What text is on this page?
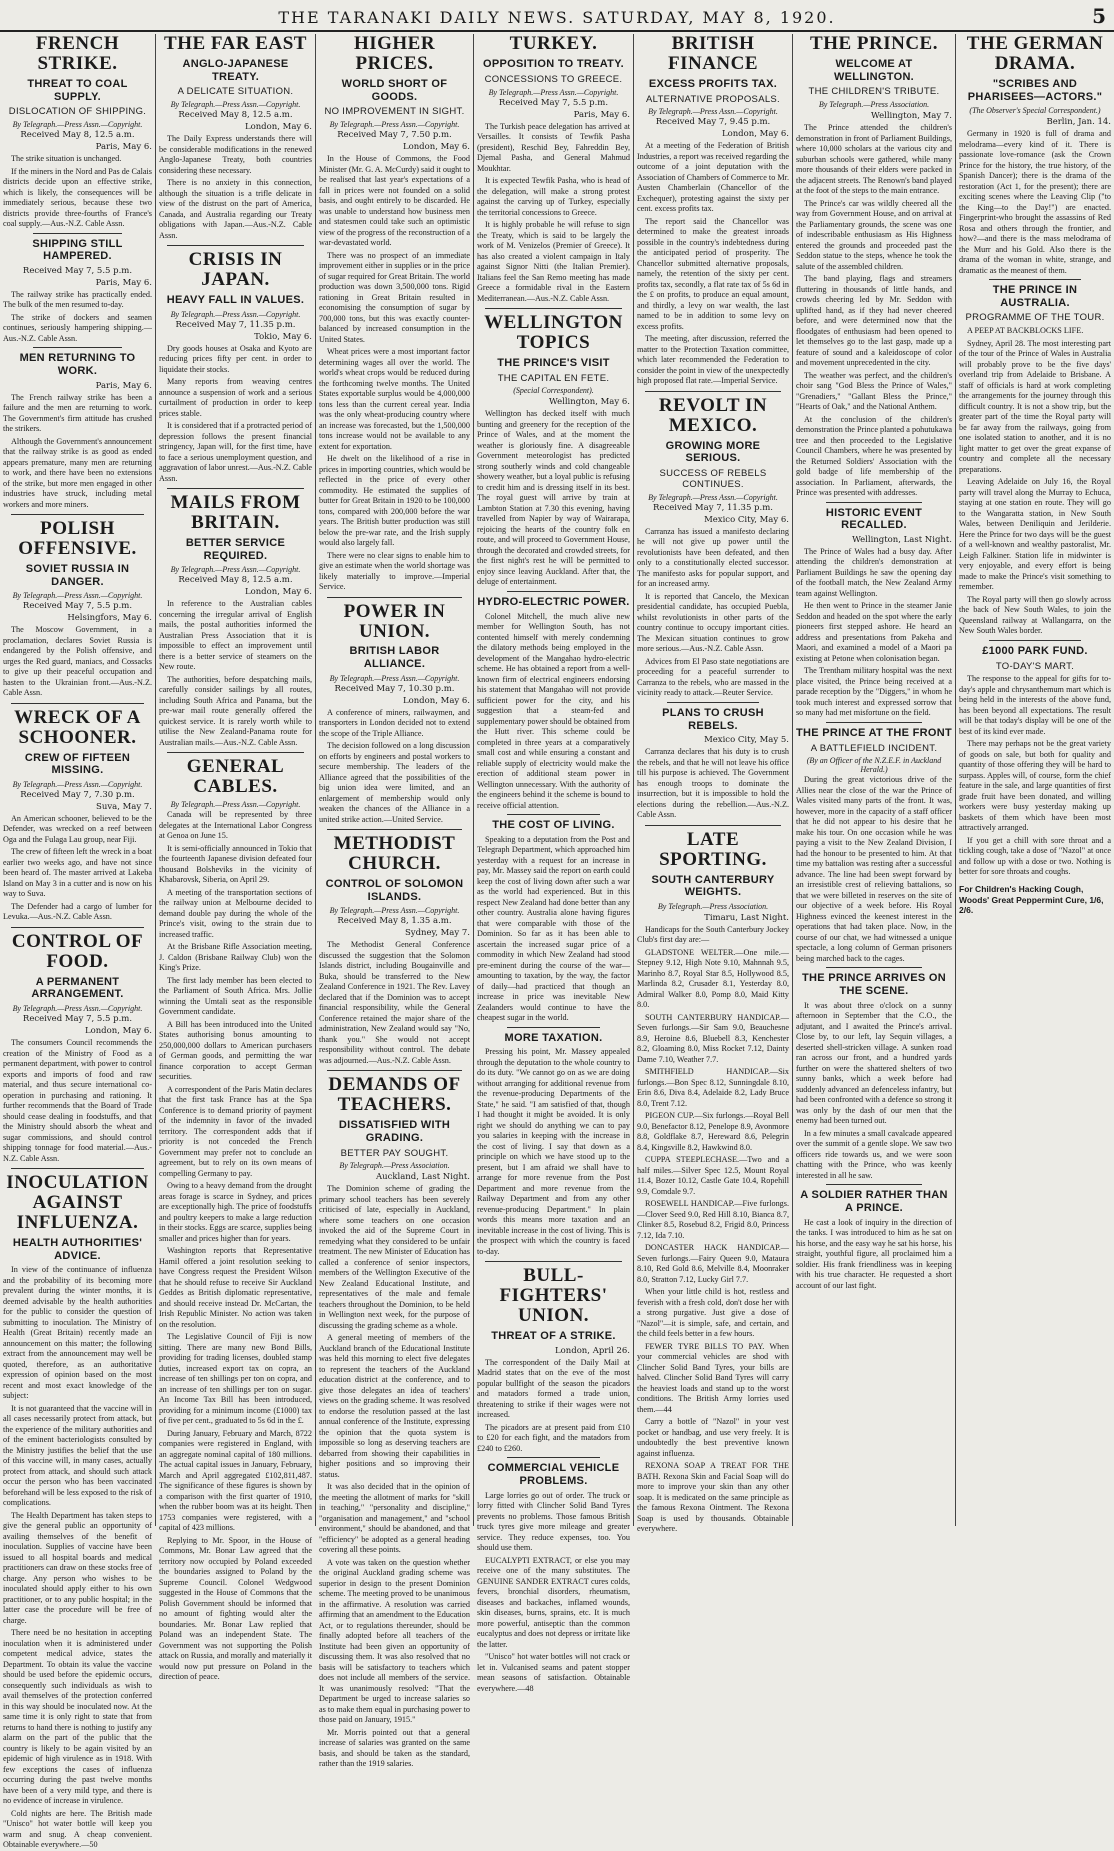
THE TARANAKI DAILY NEWS. SATURDAY, MAY 8, 1920.	5
FRENCH STRIKE.
THREAT TO COAL SUPPLY.
DISLOCATION OF SHIPPING.
By Telegraph.—Press Assn.—Copyright.
Received May 8, 12.5 a.m.
Paris, May 6.

The strike situation is unchanged.

If the miners in the Nord and Pas de Calais districts decide upon an effective strike, which is likely, the consequences will be immediately serious, because these two districts provide three-fourths of France's coal supply.—Aus.-N.Z. Cable Assn.

SHIPPING STILL HAMPERED.
Received May 7, 5.5 p.m.
Paris, May 6.

The railway strike has practically ended. The bulk of the men resumed to-day.

The strike of dockers and seamen continues, seriously hampering shipping.—Aus.-N.Z. Cable Assn.

MEN RETURNING TO WORK.
Paris, May 6.

The French railway strike has been a failure and the men are returning to work. The Government's firm attitude has crushed the strikers.

Although the Government's announcement that the railway strike is as good as ended appears premature, many men are returning to work, and there have been no extensions of the strike, but more men engaged in other industries have struck, including metal workers and more miners.

POLISH OFFENSIVE.
SOVIET RUSSIA IN DANGER.
By Telegraph.—Press Assn.—Copyright.
Received May 7, 5.5 p.m.
Helsingfors, May 6.

The Moscow Government, in a proclamation, declares Soviet Russia is endangered by the Polish offensive, and urges the Red guard, maniacs, and Cossacks to give up their peaceful occupation and hasten to the Ukrainian front.—Aus.-N.Z. Cable Assn.

WRECK OF A SCHOONER.
CREW OF FIFTEEN MISSING.
By Telegraph.—Press Assn.—Copyright.
Received May 7, 7.30 p.m.
Suva, May 7.

An American schooner, believed to be the Defender, was wrecked on a reef between Oga and the Fulaga Lau group, near Fiji.

The crew of fifteen left the wreck in a boat earlier two weeks ago, and have not since been heard of. The master arrived at Lakeba Island on May 3 in a cutter and is now on his way to Suva.

The Defender had a cargo of lumber for Levuka.—Aus.-N.Z. Cable Assn.

CONTROL OF FOOD.
A PERMANENT ARRANGEMENT.
By Telegraph.—Press Assn.—Copyright.
Received May 7, 5.5 p.m.
London, May 6.

The consumers Council recommends the creation of the Ministry of Food as a permanent department, with power to control exports and imports of food and raw material, and thus secure international co-operation in purchasing and rationing. It further recommends that the Board of Trade should cease dealing in foodstuffs, and that the Ministry should absorb the wheat and sugar commissions, and should control shipping tonnage for food material.—Aus.-N.Z. Cable Assn.

INOCULATION AGAINST INFLUENZA.
HEALTH AUTHORITIES' ADVICE.

In view of the continuance of influenza and the probability of its becoming more prevalent during the winter months, it is deemed advisable by the health authorities for the public to consider the question of submitting to inoculation. The Ministry of Health (Great Britain) recently made an announcement on this matter; the following extract from the announcement may well be quoted, therefore, as an authoritative expression of opinion based on the most recent and most exact knowledge of the subject:

It is not guaranteed that the vaccine will in all cases necessarily protect from attack, but the experience of the military authorities and of the eminent bacteriologists consulted by the Ministry justifies the belief that the use of this vaccine will, in many cases, actually protect from attack, and should such attack occur the person who has been vaccinated beforehand will be less exposed to the risk of complications.

The Health Department has taken steps to give the general public an opportunity of availing themselves of the benefit of inoculation. Supplies of vaccine have been issued to all hospital boards and medical practitioners can draw on these stocks free of charge. Any person who wishes to be inoculated should apply either to his own practitioner, or to any public hospital; in the latter case the procedure will be free of charge.

There need be no hesitation in accepting inoculation when it is administered under competent medical advice, states the Department. To obtain its value the vaccine should be used before the epidemic occurs, consequently such individuals as wish to avail themselves of the protection conferred in this way should be inoculated now. At the same time it is only right to state that from returns to hand there is nothing to justify any alarm on the part of the public that the country is likely to be again visited by an epidemic of high virulence as in 1918. With few exceptions the cases of influenza occurring during the past twelve months have been of a very mild type, and there is no evidence of increase in virulence.

Cold nights are here. The British made "Unisco" hot water bottle will keep you warm and snug. A cheap convenient. Obtainable everywhere.—50

THE FAR EAST
ANGLO-JAPANESE TREATY.
A DELICATE SITUATION.
By Telegraph.—Press Assn.—Copyright.
Received May 8, 12.5 a.m.
London, May 6.

The Daily Express understands there will be considerable modifications in the renewed Anglo-Japanese Treaty, both countries considering these necessary.

There is no anxiety in this connection, although the situation is a trifle delicate in view of the distrust on the part of America, Canada, and Australia regarding our Treaty obligations with Japan.—Aus.-N.Z. Cable Assn.

CRISIS IN JAPAN.
HEAVY FALL IN VALUES.
By Telegraph.—Press Assn.—Copyright.
Received May 7, 11.35 p.m.
Tokio, May 6.

Dry goods houses at Osaka and Kyoto are reducing prices fifty per cent. in order to liquidate their stocks.

Many reports from weaving centres announce a suspension of work and a serious curtailment of production in order to keep prices stable.

It is considered that if a protracted period of depression follows the present financial stringency, Japan will, for the first time, have to face a serious unemployment question, and aggravation of labor unrest.—Aus.-N.Z. Cable Assn.

MAILS FROM BRITAIN.
BETTER SERVICE REQUIRED.
By Telegraph.—Press Assn.—Copyright.
Received May 8, 12.5 a.m.
London, May 6.

In reference to the Australian cables concerning the irregular arrival of English mails, the postal authorities informed the Australian Press Association that it is impossible to effect an improvement until there is a better service of steamers on the New route.

The authorities, before despatching mails, carefully consider sailings by all routes, including South Africa and Panama, but the pre-war mail route generally offered the quickest service. It is rarely worth while to utilise the New Zealand-Panama route for Australian mails.—Aus.-N.Z. Cable Assn.

GENERAL CABLES.
By Telegraph.—Press Assn.—Copyright.

Canada will be represented by three delegates at the International Labor Congress at Genoa on June 15.

It is semi-officially announced in Tokio that the fourteenth Japanese division defeated four thousand Bolsheviks in the vicinity of Khabarovsk, Siberia, on April 29.

A meeting of the transportation sections of the railway union at Melbourne decided to demand double pay during the whole of the Prince's visit, owing to the strain due to increased traffic.

At the Brisbane Rifle Association meeting, J. Caldon (Brisbane Railway Club) won the King's Prize.

The first lady member has been elected to the Parliament of South Africa. Mrs. Jollie winning the Umtali seat as the responsible Government candidate.

A Bill has been introduced into the United States authorising bonus amounting to 250,000,000 dollars to American purchasers of German goods, and permitting the war finance corporation to accept German securities.

A correspondent of the Paris Matin declares that the first task France has at the Spa Conference is to demand priority of payment of the indemnity in favor of the invaded territory. The correspondent adds that if priority is not conceded the French Government may prefer not to conclude an agreement, but to rely on its own means of compelling Germany to pay.

Owing to a heavy demand from the drought areas forage is scarce in Sydney, and prices are exceptionally high. The price of foodstuffs and poultry keepers to make a large reduction in their stocks. Eggs are scarce, supplies being smaller and prices higher than for years.

Washington reports that Representative Hamil offered a joint resolution seeking to have Congress request the President Wilson that he should refuse to receive Sir Auckland Geddes as British diplomatic representative, and should receive instead Dr. McCartan, the Irish Republic Minister. No action was taken on the resolution.

The Legislative Council of Fiji is now sitting. There are many new Bond Bills, providing for trading licenses, doubled stamp duties, increased export tax on copra, an increase of ten shillings per ton on copra, and an increase of ten shillings per ton on sugar. An Income Tax Bill has been introduced, providing for a minimum income (£1000) tax of five per cent., graduated to 5s 6d in the £.

During January, February and March, 8722 companies were registered in England, with an aggregate nominal capital of 180 millions. The actual capital issues in January, February, March and April aggregated £102,811,487. The significance of these figures is shown by a comparison with the first quarter of 1910, when the rubber boom was at its height. Then 1753 companies were registered, with a capital of 423 millions.

Replying to Mr. Spoor, in the House of Commons, Mr. Bonar Law agreed that the territory now occupied by Poland exceeded the boundaries assigned to Poland by the Supreme Council. Colonel Wedgwood suggested in the House of Commons that the Polish Government should be informed that no amount of fighting would alter the boundaries. Mr. Bonar Law replied that Poland was an independent State. The Government was not supporting the Polish attack on Russia, and morally and materially it would now put pressure on Poland in the direction of peace.

HIGHER PRICES.
WORLD SHORT OF GOODS.
NO IMPROVEMENT IN SIGHT.
By Telegraph.—Press Assn.—Copyright.
Received May 7, 7.50 p.m.
London, May 6.

In the House of Commons, the Food Minister (Mr. G. A. McCurdy) said it ought to be realised that last year's expectations of a fall in prices were not founded on a solid basis, and ought entirely to be discarded. He was unable to understand how business men and statesmen could take such an optimistic view of the progress of the reconstruction of a war-devastated world.

There was no prospect of an immediate improvement either in supplies or in the price of sugar required for Great Britain. The world production was down 3,500,000 tons. Rigid rationing in Great Britain resulted in economising the consumption of sugar by 700,000 tons, but this was exactly counter-balanced by increased consumption in the United States.

Wheat prices were a most important factor determining wages all over the world. The world's wheat crops would be reduced during the forthcoming twelve months. The United States exportable surplus would be 4,000,000 tons less than the current cereal year. India was the only wheat-producing country where an increase was forecasted, but the 1,500,000 tons increase would not be available to any extent for exportation.

He dwelt on the likelihood of a rise in prices in importing countries, which would be reflected in the price of every other commodity. He estimated the supplies of butter for Great Britain in 1920 to be 100,000 tons, compared with 200,000 before the war years. The British butter production was still below the pre-war rate, and the Irish supply would also largely fall.

There were no clear signs to enable him to give an estimate when the world shortage was likely materially to improve.—Imperial Service.

POWER IN UNION.
BRITISH LABOR ALLIANCE.
By Telegraph.—Press Assn.—Copyright.
Received May 7, 10.30 p.m.
London, May 6.

A conference of miners, railwaymen, and transporters in London decided not to extend the scope of the Triple Alliance.

The decision followed on a long discussion on efforts by engineers and postal workers to secure membership. The leaders of the Alliance agreed that the possibilities of the big union idea were limited, and an enlargement of membership would only weaken the chances of the Alliance in a united strike action.—United Service.

METHODIST CHURCH.
CONTROL OF SOLOMON ISLANDS.
By Telegraph.—Press Assn.—Copyright.
Received May 8, 1.35 a.m.
Sydney, May 7.

The Methodist General Conference discussed the suggestion that the Solomon Islands district, including Bougainville and Buka, should be transferred to the New Zealand Conference in 1921. The Rev. Lavey declared that if the Dominion was to accept financial responsibility, while the General Conference retained the major share of the administration, New Zealand would say "No, thank you." She would not accept responsibility without control. The debate was adjourned.—Aus.-N.Z. Cable Assn.

DEMANDS OF TEACHERS.
DISSATISFIED WITH GRADING.
BETTER PAY SOUGHT.
By Telegraph.—Press Association.
Auckland, Last Night.

The Dominion scheme of grading the primary school teachers has been severely criticised of late, especially in Auckland, where some teachers on one occasion invoked the aid of the Supreme Court in remedying what they considered to be unfair treatment. The new Minister of Education has called a conference of senior inspectors, members of the Wellington Executive of the New Zealand Educational Institute, and representatives of the male and female teachers throughout the Dominion, to be held in Wellington next week, for the purpose of discussing the grading scheme as a whole.

A general meeting of members of the Auckland branch of the Educational Institute was held this morning to elect five delegates to represent the teachers of the Auckland education district at the conference, and to give those delegates an idea of teachers' views on the grading scheme. It was resolved to endorse the resolution passed at the last annual conference of the Institute, expressing the opinion that the quota system is impossible so long as deserving teachers are debarred from showing their capabilities in higher positions and so improving their status.

It was also decided that in the opinion of the meeting the allotment of marks for "skill in teaching," "personality and discipline," "organisation and management," and "school environment," should be abandoned, and that "efficiency" be adopted as a general heading covering all these points.

A vote was taken on the question whether the original Auckland grading scheme was superior in design to the present Dominion scheme. The meeting proved to be unanimous in the affirmative. A resolution was carried affirming that an amendment to the Education Act, or to regulations thereunder, should be finally adopted before all teachers of the Institute had been given an opportunity of discussing them. It was also resolved that no basis will be satisfactory to teachers which does not include all members of the service. It was unanimously resolved: "That the Department be urged to increase salaries so as to make them equal in purchasing power to those paid on January, 1915."

Mr. Morris pointed out that a general increase of salaries was granted on the same basis, and should be taken as the standard, rather than the 1919 salaries.

TURKEY.
OPPOSITION TO TREATY.
CONCESSIONS TO GREECE.
By Telegraph.—Press Assn.—Copyright.
Received May 7, 5.5 p.m.
Paris, May 6.

The Turkish peace delegation has arrived at Versailles. It consists of Tewfik Pasha (president), Reschid Bey, Fahreddin Bey, Djemal Pasha, and General Mahmud Moukhtar.

It is expected Tewfik Pasha, who is head of the delegation, will make a strong protest against the carving up of Turkey, especially the territorial concessions to Greece.

It is highly probable he will refuse to sign the Treaty, which is said to be largely the work of M. Venizelos (Premier of Greece). It has also created a violent campaign in Italy against Signor Nitti (the Italian Premier). Italians feel the San Remo meeting has made Greece a formidable rival in the Eastern Mediterranean.—Aus.-N.Z. Cable Assn.

WELLINGTON TOPICS
THE PRINCE'S VISIT
THE CAPITAL EN FETE.
(Special Correspondent).
Wellington, May 6.

Wellington has decked itself with much bunting and greenery for the reception of the Prince of Wales, and at the moment the weather is gloriously fine. A disagreeable Government meteorologist has predicted strong southerly winds and cold changeable showery weather, but a loyal public is refusing to credit him and is dressing itself in its best. The royal guest will arrive by train at Lambton Station at 7.30 this evening, having travelled from Napier by way of Wairarapa, rejoicing the hearts of the country folk en route, and will proceed to Government House, through the decorated and crowded streets, for the first night's rest he will be permitted to enjoy since leaving Auckland. After that, the deluge of entertainment.

HYDRO-ELECTRIC POWER.

Colonel Mitchell, the much alive new member for Wellington South, has not contented himself with merely condemning the dilatory methods being employed in the development of the Mangahao hydro-electric scheme. He has obtained a report from a well-known firm of electrical engineers endorsing his statement that Mangahao will not provide sufficient power for the city, and his suggestion that a steam-fed and supplementary power should be obtained from the Hutt river. This scheme could be completed in three years at a comparatively small cost and while ensuring a constant and reliable supply of electricity would make the erection of additional steam power in Wellington unnecessary. With the authority of the engineers behind it the scheme is bound to receive official attention.

THE COST OF LIVING.

Speaking to a deputation from the Post and Telegraph Department, which approached him yesterday with a request for an increase in pay, Mr. Massey said the report on earth could keep the cost of living down after such a war as the world had experienced. But in this respect New Zealand had done better than any other country. Australia alone having figures that were comparable with those of the Dominion. So far as it has been able to ascertain the increased sugar price of a commodity in which New Zealand had stood pre-eminent during the course of the war—amounting to taxation, by the way, the factor of daily—had practiced that though an increase in price was inevitable New Zealanders would continue to have the cheapest sugar in the world.

MORE TAXATION.

Pressing his point, Mr. Massey appealed through the deputation to the whole country to do its duty. "We cannot go on as we are doing without arranging for additional revenue from the revenue-producing Departments of the State," he said. "I am satisfied of that, though I had thought it might be avoided. It is only right we should do anything we can to pay you salaries in keeping with the increase in the cost of living. I say that down as a principle on which we have stood up to the present, but I am afraid we shall have to arrange for more revenue from the Post Department and more revenue from the Railway Department and from any other revenue-producing Department." In plain words this means more taxation and an inevitable increase in the cost of living. This is the prospect with which the country is faced to-day.

BULL-FIGHTERS' UNION.
THREAT OF A STRIKE.
London, April 26.

The correspondent of the Daily Mail at Madrid states that on the eve of the most popular bullfight of the season the picadors and matadors formed a trade union, threatening to strike if their wages were not increased.

The picadors are at present paid from £10 to £20 for each fight, and the matadors from £240 to £260.

COMMERCIAL VEHICLE PROBLEMS.

Large lorries go out of order. The truck or lorry fitted with Clincher Solid Band Tyres prevents no problems. Those famous British truck tyres give more mileage and greater service. They reduce expenses, too. You should use them.

EUCALYPTI EXTRACT, or else you may receive one of the many substitutes. The GENUINE SANDER EXTRACT cures colds, fevers, bronchial disorders, rheumatism, diseases and backaches, inflamed wounds, skin diseases, burns, sprains, etc. It is much more powerful, antiseptic than the common eucalyptus and does not depress or irritate like the latter.

"Unisco" hot water bottles will not crack or let in. Vulcanised seams and patent stopper mean seasons of satisfaction. Obtainable everywhere.—48

BRITISH FINANCE
EXCESS PROFITS TAX.
ALTERNATIVE PROPOSALS.
By Telegraph.—Press Assn.—Copyright.
Received May 7, 9.45 p.m.
London, May 6.

At a meeting of the Federation of British Industries, a report was received regarding the outcome of a joint deputation with the Association of Chambers of Commerce to Mr. Austen Chamberlain (Chancellor of the Exchequer), protesting against the sixty per cent. excess profits tax.

The report said the Chancellor was determined to make the greatest inroads possible in the country's indebtedness during the anticipated period of prosperity. The Chancellor submitted alternative proposals, namely, the retention of the sixty per cent. profits tax, secondly, a flat rate tax of 5s 6d in the £ on profits, to produce an equal amount, and thirdly, a levy on war wealth, the last named to be in addition to some levy on excess profits.

The meeting, after discussion, referred the matter to the Protection Taxation committee, which later recommended the Federation to consider the point in view of the unexpectedly high proposed flat rate.—Imperial Service.

REVOLT IN MEXICO.
GROWING MORE SERIOUS.
SUCCESS OF REBELS CONTINUES.
By Telegraph.—Press Assn.—Copyright.
Received May 7, 11.35 p.m.
Mexico City, May 6.

Carranza has issued a manifesto declaring he will not give up power until the revolutionists have been defeated, and then only to a constitutionally elected successor. The manifesto asks for popular support, and for an increased army.

It is reported that Cancelo, the Mexican presidential candidate, has occupied Puebla, whilst revolutionists in other parts of the country continue to occupy important cities. The Mexican situation continues to grow more serious.—Aus.-N.Z. Cable Assn.

Advices from El Paso state negotiations are proceeding for a peaceful surrender to Carranza to the rebels, who are massed in the vicinity ready to attack.—Reuter Service.

PLANS TO CRUSH REBELS.
Mexico City, May 5.

Carranza declares that his duty is to crush the rebels, and that he will not leave his office till his purpose is achieved. The Government has enough troops to dominate the insurrection, but it is impossible to hold the elections during the rebellion.—Aus.-N.Z. Cable Assn.

LATE SPORTING.
SOUTH CANTERBURY WEIGHTS.
By Telegraph.—Press Association.
Timaru, Last Night.

Handicaps for the South Canterbury Jockey Club's first day are:—

GLADSTONE WELTER.—One mile.—Stepney 9.12, High Note 9.10, Mahnnah 9.5, Marinho 8.7, Royal Star 8.5, Hollywood 8.5, Marlinda 8.2, Crusader 8.1, Yesterday 8.0, Admiral Walker 8.0, Pomp 8.0, Maid Kitty 8.0.

SOUTH CANTERBURY HANDICAP.—Seven furlongs.—Sir Sam 9.0, Beauchesne 8.9, Heroine 8.6, Bluebell 8.3, Kenchester 8.2, Gloaming 8.0, Miss Rocket 7.12, Dainty Dame 7.10, Weather 7.7.

SMITHFIELD HANDICAP.—Six furlongs.—Bon Spec 8.12, Sunningdale 8.10, Erin 8.6, Diva 8.4, Adelaide 8.2, Lady Bruce 8.0, Trent 7.12.

PIGEON CUP.—Six furlongs.—Royal Bell 9.0, Benefactor 8.12, Penelope 8.9, Avonmore 8.8, Goldflake 8.7, Hereward 8.6, Pelegrin 8.4, Kingsville 8.2, Hawkwind 8.0.

CUPPA STEEPLECHASE.—Two and a half miles.—Silver Spec 12.5, Mount Royal 11.4, Bozer 10.12, Castle Gate 10.4, Ropehill 9.9, Comdale 9.7.

ROSEWELL HANDICAP.—Five furlongs.—Clover Seed 9.0, Red Hill 8.10, Bianca 8.7, Clinker 8.5, Rosebud 8.2, Frigid 8.0, Princess 7.12, Ida 7.10.

DONCASTER HACK HANDICAP.—Seven furlongs.—Fairy Queen 9.0, Mataura 8.10, Red Gold 8.6, Melville 8.4, Moonraker 8.0, Stratton 7.12, Lucky Girl 7.7.

When your little child is hot, restless and feverish with a fresh cold, don't dose her with a strong purgative. Just give a dose of "Nazol"—it is simple, safe, and certain, and the child feels better in a few hours.

FEWER TYRE BILLS TO PAY. When your commercial vehicles are shod with Clincher Solid Band Tyres, your bills are halved. Clincher Solid Band Tyres will carry the heaviest loads and stand up to the worst conditions. The British Army lorries used them.—44

Carry a bottle of "Nazol" in your vest pocket or handbag, and use very freely. It is undoubtedly the best preventive known against influenza.

REXONA SOAP A TREAT FOR THE BATH. Rexona Skin and Facial Soap will do more to improve your skin than any other soap. It is medicated on the same principle as the famous Rexona Ointment. The Rexona Soap is used by thousands. Obtainable everywhere.

THE PRINCE.
WELCOME AT WELLINGTON.
THE CHILDREN'S TRIBUTE.
By Telegraph.—Press Association.
Wellington, May 7.

The Prince attended the children's demonstration in front of Parliament Buildings, where 10,000 scholars at the various city and suburban schools were gathered, while many more thousands of their elders were packed in the adjacent streets. The Renown's band played at the foot of the steps to the main entrance.

The Prince's car was wildly cheered all the way from Government House, and on arrival at the Parliamentary grounds, the scene was one of indescribable enthusiasm as His Highness entered the grounds and proceeded past the Seddon statue to the steps, whence he took the salute of the assembled children.

The band playing, flags and streamers fluttering in thousands of little hands, and crowds cheering led by Mr. Seddon with uplifted hand, as if they had never cheered before, and were determined now that the floodgates of enthusiasm had been opened to let themselves go to the last gasp, made up a feature of sound and a kaleidoscope of color and movement unprecedented in the city.

The weather was perfect, and the children's choir sang "God Bless the Prince of Wales," "Grenadiers," "Gallant Bless the Prince," "Hearts of Oak," and the National Anthem.

At the conclusion of the children's demonstration the Prince planted a pohutukawa tree and then proceeded to the Legislative Council Chambers, where he was presented by the Returned Soldiers' Association with the gold badge of life membership of the association. In Parliament, afterwards, the Prince was presented with addresses.

HISTORIC EVENT RECALLED.
Wellington, Last Night.

The Prince of Wales had a busy day. After attending the children's demonstration at Parliament Buildings he saw the opening day of the football match, the New Zealand Army team against Wellington.

He then went to Prince in the steamer Janie Seddon and headed on the spot where the early pioneers first stepped ashore. He heard an address and presentations from Pakeha and Maori, and examined a model of a Maori pa existing at Petone when colonisation began.

The Trentham military hospital was the next place visited, the Prince being received at a parade reception by the "Diggers," in whom he took much interest and expressed sorrow that so many had met misfortune on the field.

THE PRINCE AT THE FRONT
A BATTLEFIELD INCIDENT.
(By an Officer of the N.Z.E.F. in Auckland Herald.)

During the great victorious drive of the Allies near the close of the war the Prince of Wales visited many parts of the front. It was, however, more in the capacity of a staff officer that he did not appear to his desire that he make his tour. On one occasion while he was paying a visit to the New Zealand Division, I had the honour to be presented to him. At that time my battalion was resting after a successful advance. The line had been swept forward by an irresistible crest of relieving battalions, so that we were billeted in reserves on the site of our objective of a week before. His Royal Highness evinced the keenest interest in the operations that had taken place. Now, in the course of our chat, we had witnessed a unique spectacle, a long column of German prisoners being marched back to the cages.

THE PRINCE ARRIVES ON THE SCENE.

It was about three o'clock on a sunny afternoon in September that the C.O., the adjutant, and I awaited the Prince's arrival. Close by, to our left, lay Sequin villages, a deserted shell-stricken village. A sunken road ran across our front, and a hundred yards further on were the shattered shelters of two sunny banks, which a week before had suddenly advanced an defenceless infantry, but had been confronted with a defence so strong it was only by the dash of our men that the enemy had been turned out.

In a few minutes a small cavalcade appeared over the summit of a gentle slope. We saw two officers ride towards us, and we were soon chatting with the Prince, who was keenly interested in all he saw.

A SOLDIER RATHER THAN A PRINCE.

He cast a look of inquiry in the direction of the tanks. I was introduced to him as he sat on his horse, and the easy way he sat his horse, his straight, youthful figure, all proclaimed him a soldier. His frank friendliness was in keeping with his true character. He requested a short account of our last fight.

THE GERMAN DRAMA.
"SCRIBES AND PHARISEES—ACTORS."
(The Observer's Special Correspondent.)
Berlin, Jan. 14.

Germany in 1920 is full of drama and melodrama—every kind of it. There is passionate love-romance (ask the Crown Prince for the history, the true history, of the Spanish Dancer); there is the drama of the restoration (Act 1, for the present); there are exciting scenes where the Leaving Clip ("to the King—to the Day!") are enacted. Fingerprint-who brought the assassins of Red Rosa and others through the frontier, and how?—and there is the mass melodrama of the Murr and his Gold. Also there is the drama of the woman in white, strange, and dramatic as the meanest of them.

THE PRINCE IN AUSTRALIA.
PROGRAMME OF THE TOUR.

A PEEP AT BACKBLOCKS LIFE.

Sydney, April 28. The most interesting part of the tour of the Prince of Wales in Australia will probably prove to be the five days' overland trip from Adelaide to Brisbane. A staff of officials is hard at work completing the arrangements for the journey through this difficult country. It is not a show trip, but the greater part of the time the Royal party will be far away from the railways, going from one isolated station to another, and it is no light matter to get over the great expanse of country and complete all the necessary preparations.

Leaving Adelaide on July 16, the Royal party will travel along the Murray to Echuca, staying at one station en route. They will go to the Wangaratta station, in New South Wales, between Deniliquin and Jerilderie. Here the Prince for two days will be the guest of a well-known and wealthy pastoralist, Mr. Leigh Falkiner. Station life in midwinter is very enjoyable, and every effort is being made to make the Prince's visit something to remember.

The Royal party will then go slowly across the back of New South Wales, to join the Queensland railway at Wallangarra, on the New South Wales border.

£1000 PARK FUND.
TO-DAY'S MART.

The response to the appeal for gifts for to-day's apple and chrysanthemum mart which is being held in the interests of the above fund, has been beyond all expectations. The result will be that today's display will be one of the best of its kind ever made.

There may perhaps not be the great variety of goods on sale, but both for quality and quantity of those offering they will be hard to surpass. Apples will, of course, form the chief feature in the sale, and large quantities of first grade fruit have been donated, and willing workers were busy yesterday making up baskets of them which have been most attractively arranged.

If you get a chill with sore throat and a tickling cough, take a dose of "Nazol" at once and follow up with a dose or two. Nothing is better for sore throats and coughs.

For Children's Hacking Cough,
Woods' Great Peppermint Cure, 1/6, 2/6.
